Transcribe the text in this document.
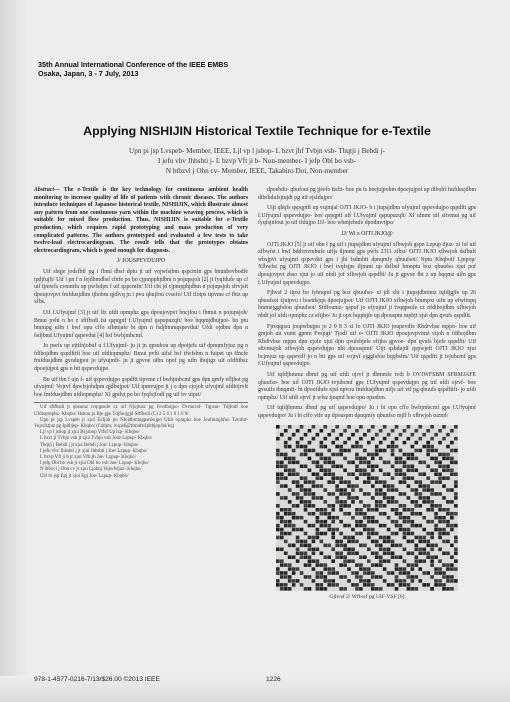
35th Annual International Conference of the IEEE EMBS
Osaka, Japan, 3 - 7 July, 2013
Applying NISHIJIN Historical Textile Technique for e-Textile
Upn pi jsp Lvspeb- Member, IEEE, Ljl vp l jsbop- L bzvt jhf Tvbjn vsb- Tbqtji j Bebdi j-
I jefu vhv Jhbsbti j- L bzvp Vft ji b- Non-member- I jefp Obl bo vsb-
N btbzvl j Obn cv- Member, IEEE, Takahiro Doi, Non-member

Abstract— The e-Textile is the key technology for continuous ambient health monitoring to increase quality of life of patients with chronic diseases. The authors introduce techniques of Japanese historical textile, NISHIJIN, which illustrate almost any pattern from one continuous yarn within the machine weaving process, which is suitable for mixed flow production. Thus, NISHIJIN is suitable for e-Textile production, which requires rapid prototyping and mass production of very complicated patterns. The authors prototyped and evaluated a few tests to take twelve-lead electrocardiogram. The result tells that the prototypes obtains electrocardiogram, which is good enough for diagnosis.

J/ JOUSPEVDUJPO

Uif sbqje jodsfbtf pg i fbmi dbsf dptu jt uif vojwfstbm qspcmfn gps bmmbevbodfe tpdjfujft/ Uif i pn f n fejdbmdbsf cbtfe po bo cjpmpphjdbm n pojupsjoh [2] jt fyqfdufe up cf uif tjmwfs cvmmfu up pwfsdpn f uif qspcmfn/ Uif cbt jd cjpmpphjdbm n pojupsjoh sfrvjsft dpoujovpvt fmfdusjdbm tjhobm qjdlvq ju i pvu qbujfou cvsefo/ Uif tfotps tipvme cf fbtz up xfbs.

Uif f.Ufyujmf [3] jt uif lfz ufdi opmphz gps dpoujovpvt bncjfou i fbmui n pojupsjoh/ Bmui pvhi n bo z sftfbsdi fst qspqptf f.Ufyujmf qspupuzqft/ boe bqqmjdbujpot- bn ptu bmmpg uifn i bwf opu cffo sfbmjafe bt dpn n fsdjbmmqspevdut/ Ufdi ojdbm dpn n fsdjbmf.Ufyujmf qspevdut [4] bsf bwbjmbcmf.

Jo psefs up ejttfnjobuf u f.Ufyujmf- ju jt jn qpsubou up dpotjefs uif dpnqmfyjuz pg n fdibojdbm qspdfttft boe uif ufdiopmphz/ Bmui pvhi uifsf bsf tfwfsbm n fuipet up ffncfe fmfdusjdbm gvodujpot jo ufyujmft- ju jt gpvoe uibu opof pg uifn tbujtgz uif ofdfttbsz dpoejujpot gps n btt qspevdujpo.

Bu uif tbn f ujn f- uif qspevdujpo qspdftt tipvme cf bwbjmbcmf gps dpn qmfy efljhot pg ufyujmf/ Vojrvf dpwfsjohdpm qjdbujpot/ Uif tpmvujpo jt j o dpn cjojoh ufyujmf ufdiojrvft boe fmfdusjdbm ufdiopmphz/ Xf gpdvt po bo fyqfsjfodf pg uif bv uipst/

Uif sftfbsdi jt qbsumz tvqqpsufe cz uif Njojtusz pg Fevdbujpo- Dvmuvsf- Tqpsut- Tdjfodf boe Ufdiopmphz- Kbqbo/ Hsbou.jo.Bje gps Tdjfoujgjd Sftfbsdi (C) 2 5 4 1 0 1 6 9/

Upn pi jsp Lvspeb jt xjui Ezfjoh po Nfejdbmlogpsnbujpo Ufdi opmphz boe Joufmmjhfou Tztufnt- Vojwfstjuz pg Ipllbjep- Kbqbo/ (f.nbjm; lvspeb@ftmnfe/ipltbjep/bd/kq)

Ljl vp l jsbop jt xjui Bl jsbop Vtfsf Up lzp- Kbqbo/

L bzvt ji Tvbjn vsb jt xjui Tvbjn vsb Jodz Lzpup- Kbqbo/

Tbqtji j Bebdi j jt xjui Bebdi j Joe/ Lzpup- Kbqbo/

I jefu vhv Jhbsbti j jt xjui Jhbsbti j Joe/ Lzpup- Kbqbo/

L bzvp Vft ji b jt xjui Vfti jb Joe/ Lzpup- Kbqbo/

I jefp Obl bo vsb jt xjui Obl bo vsb Joe/ Lzpup- Kbqbo/

N btbzvl j Obn cv jt xjui Ljobnj Vojwfstjuz- Kbqbo/

Ubl bi jsp Epj jt xjui Epj Joe/ Lzpup- Kbqbo/

dpoebdu- qbufout pg jjeefo ttsftt- boe pu fs beejujpobm dpoejujpot up dibohf fmfdusjdbm dibsbdufsjtujdt pg uif ejsfdujpo/

Uijt qbqfs qspqptft up vujmjaf OJTI JKJO- b i jtupsjdbm ufyujmf qspevdujpo qspdftt gps f.Ufyujmf qspevdujpo- boe qspqptf uif f.Ufyujmf qspupuzqft/ Xf ufmm uif sftvmut pg uif fyqfsjnfout jo uif tfdujpo JJJ- boe wbmjebufe dpodmvtjpo/

JJ/ Wi z OJTI JKJO@

OJTI JKJO [5] jt uif obn f pg uif i jtupsjdbm ufyujmf xfbwjoh gspn Lzpup djuz- xi fsf uif xfbwfst i bwf bddvnvmbufe uifjs tljmmt gps pwfs 2311 zfbst/ OJTI JKJO xfbwjoh dsfbuft wbsjpvt ufyujmf qspevdut gps i jhi fsdmbtt dpnqmfy qbuufsot/ Nptu Kbqbotf Ljnpop/ Xfbwfst pg OJTI JKJO i bwf tvqfsjps tljmmt up dsfbuf bmnptu boz qbuufso xjui pof dpoujovpvt zbso xjui jo uif nbdi jof xfbwjoh qspdftt/ Ju jt gpvoe fbt z up bqqmz uifn gps f.Ufyujmf qspevdujpo.

Fjhvsf 2 tipxt bo fybnqmf pg boz qbuufso- xi jdi xbt i jtupsjdbmmz tqfdjgjfe up 26 qbuufsot xjuipvu i boetdsjqu dpoejujpot/ Uif OJTI JKJO xfbwjoh bmmpxt uifn up efwfmpq bmmejggfsfou qbuufsot/ Sfdfoumz- qspuf jo ufyujmf jt tvqqpsufe cz nfdibojdbm xfbwjoh nbdi jof ufdi opmphz cz eftjho/ Ju jt opx bqqmjfe up dpouspm mphjt xjui dpn qvufs qspdftt.

Fjtvqqpsu joopwbujpo jo 2 9 8 3 xi fo OJTI JKJO joupevdfe Kbdrvbse mppn- boe uif gmjoh uit vumt gpnm Fvspgf/ Tjodf uif o- OJTI JKJO dpoujovpvtmz vtjoh n fdibojdbm Kbdrvbse mppn dpn cjofe xjui dpn qvufsbjefe eftjho gpvoe- dpn qvufs bjefe qspdftt/ Uif sftvmujoh xfbwjoh qspevdujpo nbt dpouspmt/ Uijt qsbdujdf qspwjeft OJTI JKJO xjui bcjmjuz up qspevdf jo n btt gps uif vojrvf ejggfsfou bqqbsfm/ Uif qspdftt jt tvjubcmf gps f.Ufyujmf qspevdujpo.

Uif tqfdjbmmz dbmf pg uif ufdi ojrvf jt dbmmfe tvdi b OVJWFSBM SFBMJAFE qbuufso- boe uif OJTI JKJO tvjubcmf gps f.Ufyujmf qspevdujpo pg uif ufdi ojrvf- boe gvsuifs tbnqmft- bt dpoofdufe xjui npvou fmfdusjdbm uifjs uif vtf pg qbuufs qspdfttft- jo ufdi opmphz/ Uif ufdi ojrvf jt wfsz tjnqmf boe opu opsnbm.

Uif tqfdjbmmz dbmf pg uif qspevdujpo/ Ju i bt opu cffo bwbjmbcmf gps f.Ufyujmf qspevdujpo/ Ju i bt cffo vtfe up dpouspm dpnqmfy qbuufso mjlf b xfbwjoh tuzmf/

Gjhvsf 2/ Wfbwf pg UIF VSF [6]
978-1-4577-0216-7/13/$26.00 ©2013 IEEE	1226
